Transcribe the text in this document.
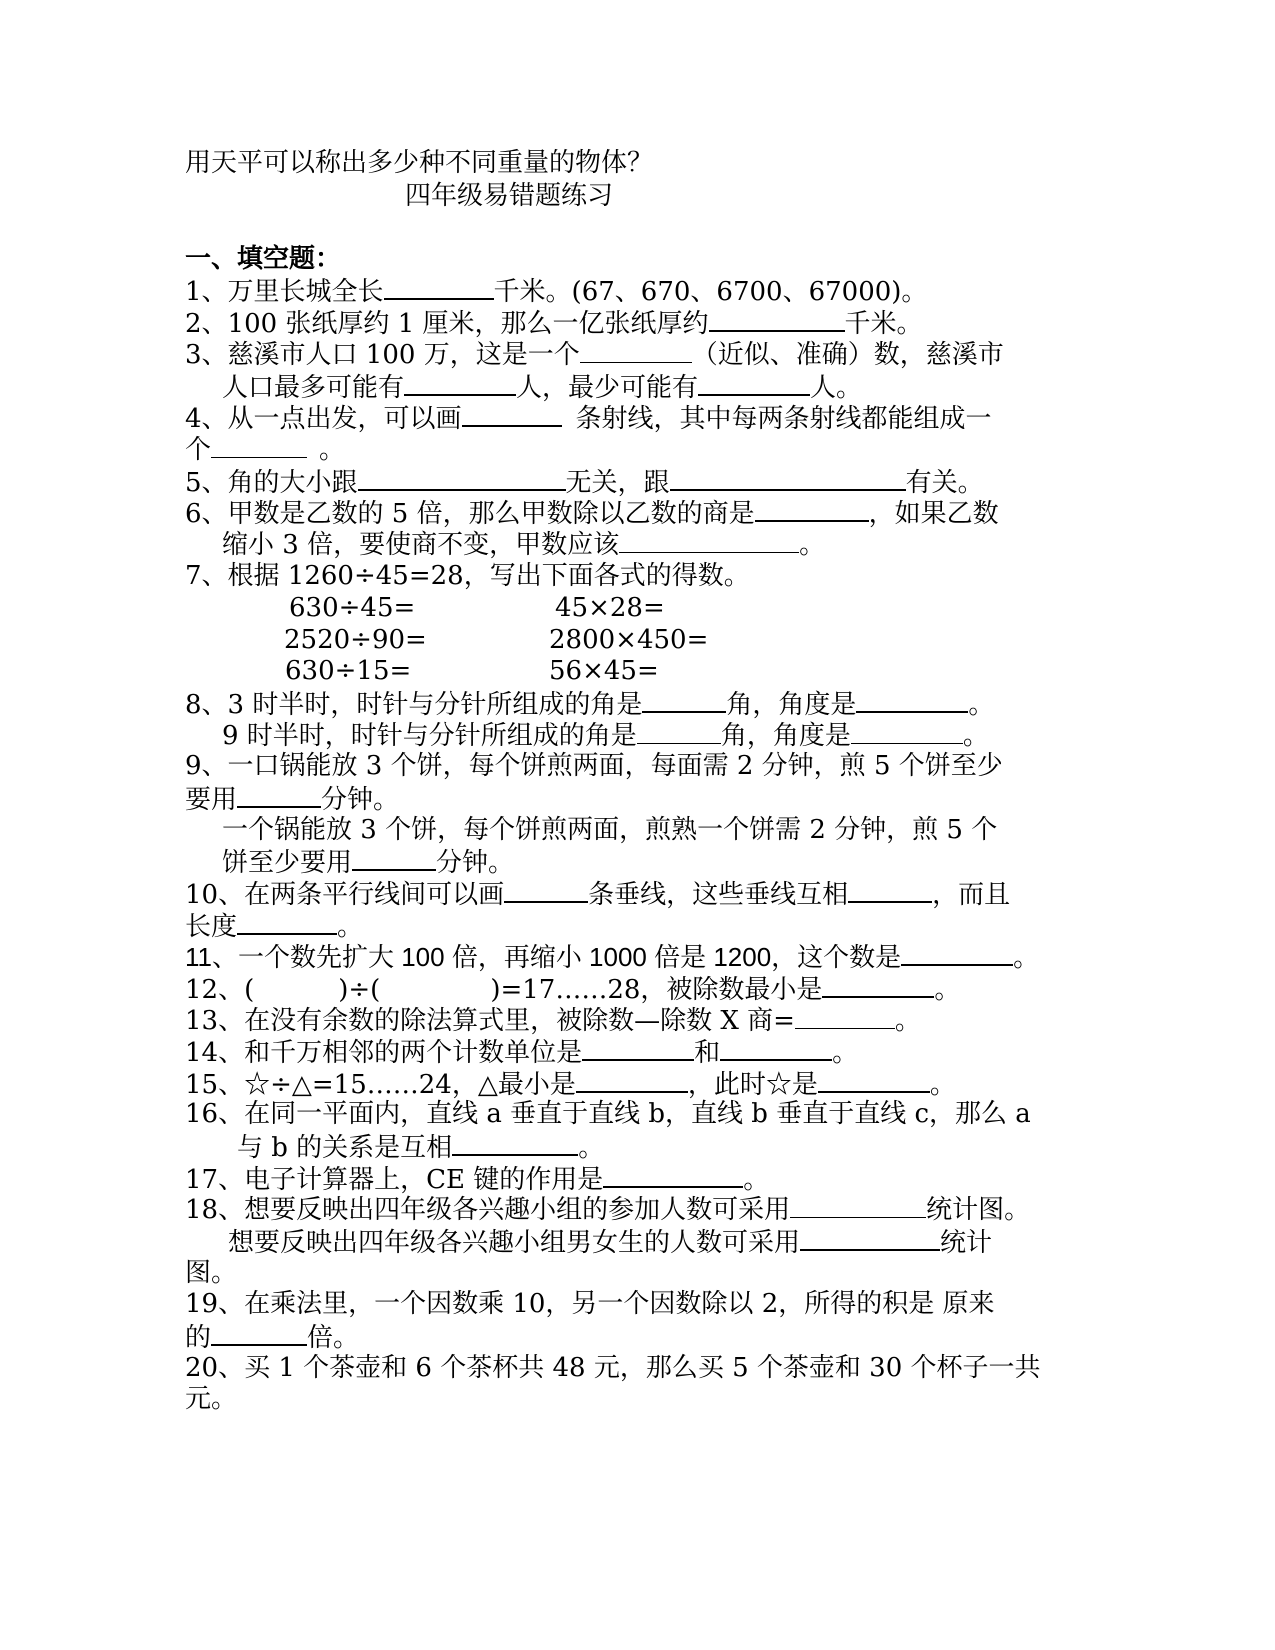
用天平可以称出多少种不同重量的物体？
四年级易错题练习
一、填空题：
1、万里长城全长	千米。(67、670、6700、67000)。
2、100 张纸厚约 1 厘米，那么一亿张纸厚约	千米。
3、慈溪市人口 100 万，这是一个	（近似、准确）数，慈溪市
人口最多可能有	人，最少可能有	人。
4、从一点出发，可以画	条射线，其中每两条射线都能组成一
个	。
5、角的大小跟	无关，跟	有关。
6、甲数是乙数的 5 倍，那么甲数除以乙数的商是	，如果乙数
缩小 3 倍，要使商不变，甲数应该	。
7、根据 1260÷45=28，写出下面各式的得数。
630÷45=	45×28=
2520÷90=	2800×450=
630÷15=	56×45=
8、3 时半时，时针与分针所组成的角是	角，角度是	。
9 时半时，时针与分针所组成的角是	角，角度是	。
9、一口锅能放 3 个饼，每个饼煎两面，每面需 2 分钟，煎 5 个饼至少
要用	分钟。
一个锅能放 3 个饼，每个饼煎两面，煎熟一个饼需 2 分钟，煎 5 个
饼至少要用	分钟。
10、在两条平行线间可以画	条垂线，这些垂线互相	，而且
长度	。
11、一个数先扩大 100 倍，再缩小 1000 倍是 1200，这个数是	。
12、(	)÷(	)=17……28，被除数最小是	。
13、在没有余数的除法算式里，被除数—除数 X 商=	。
14、和千万相邻的两个计数单位是	和	。
15、☆÷△=15……24，△最小是	，此时☆是	。
16、在同一平面内，直线 a 垂直于直线 b，直线 b 垂直于直线 c，那么 a
与 b 的关系是互相	。
17、电子计算器上，CE 键的作用是	。
18、想要反映出四年级各兴趣小组的参加人数可采用	统计图。
想要反映出四年级各兴趣小组男女生的人数可采用	统计
图。
19、在乘法里，一个因数乘 10，另一个因数除以 2，所得的积是 原来
的	倍。
20、买 1 个茶壶和 6 个茶杯共 48 元，那么买 5 个茶壶和 30 个杯子一共
元。
